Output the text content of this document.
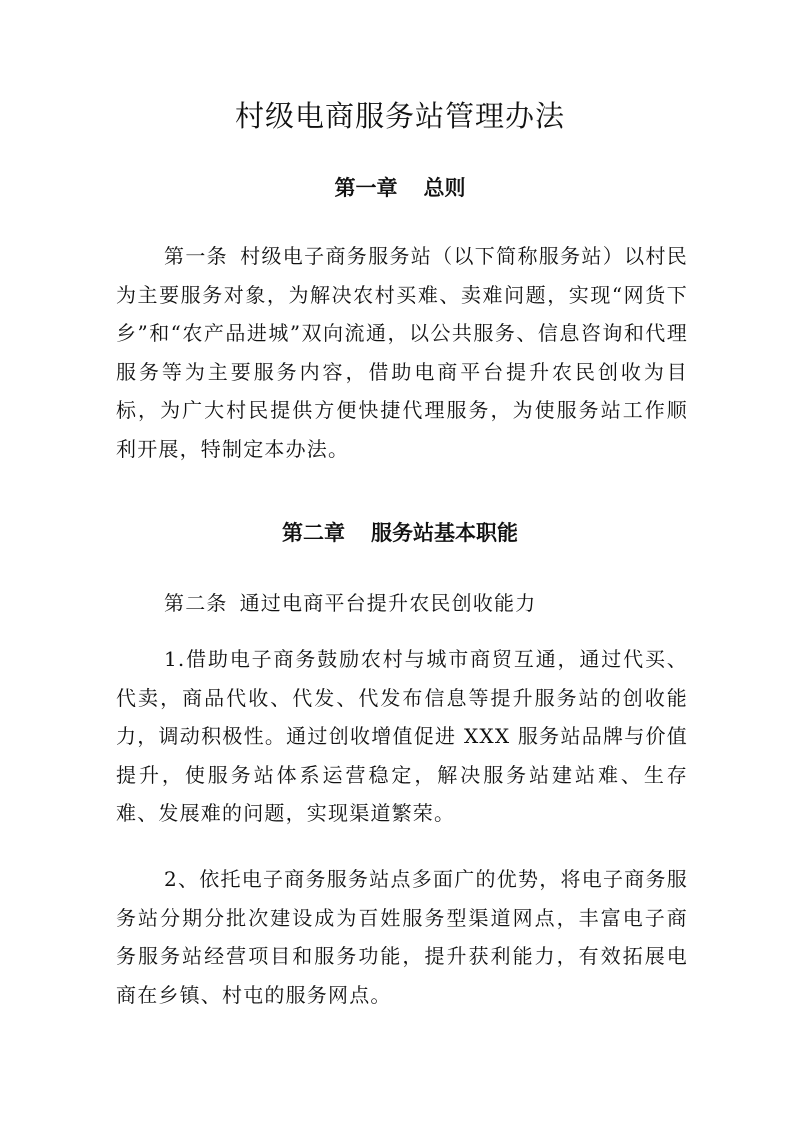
村级电商服务站管理办法
第一章 总则

第一条 村级电子商务服务站（以下简称服务站）以村民为主要服务对象，为解决农村买难、卖难问题，实现“网货下乡”和“农产品进城”双向流通，以公共服务、信息咨询和代理服务等为主要服务内容，借助电商平台提升农民创收为目标，为广大村民提供方便快捷代理服务，为使服务站工作顺利开展，特制定本办法。

第二章 服务站基本职能

第二条 通过电商平台提升农民创收能力

1.借助电子商务鼓励农村与城市商贸互通，通过代买、代卖，商品代收、代发、代发布信息等提升服务站的创收能力，调动积极性。通过创收增值促进 XXX 服务站品牌与价值提升，使服务站体系运营稳定，解决服务站建站难、生存难、发展难的问题，实现渠道繁荣。

2、依托电子商务服务站点多面广的优势，将电子商务服务站分期分批次建设成为百姓服务型渠道网点，丰富电子商务服务站经营项目和服务功能，提升获利能力，有效拓展电商在乡镇、村屯的服务网点。
